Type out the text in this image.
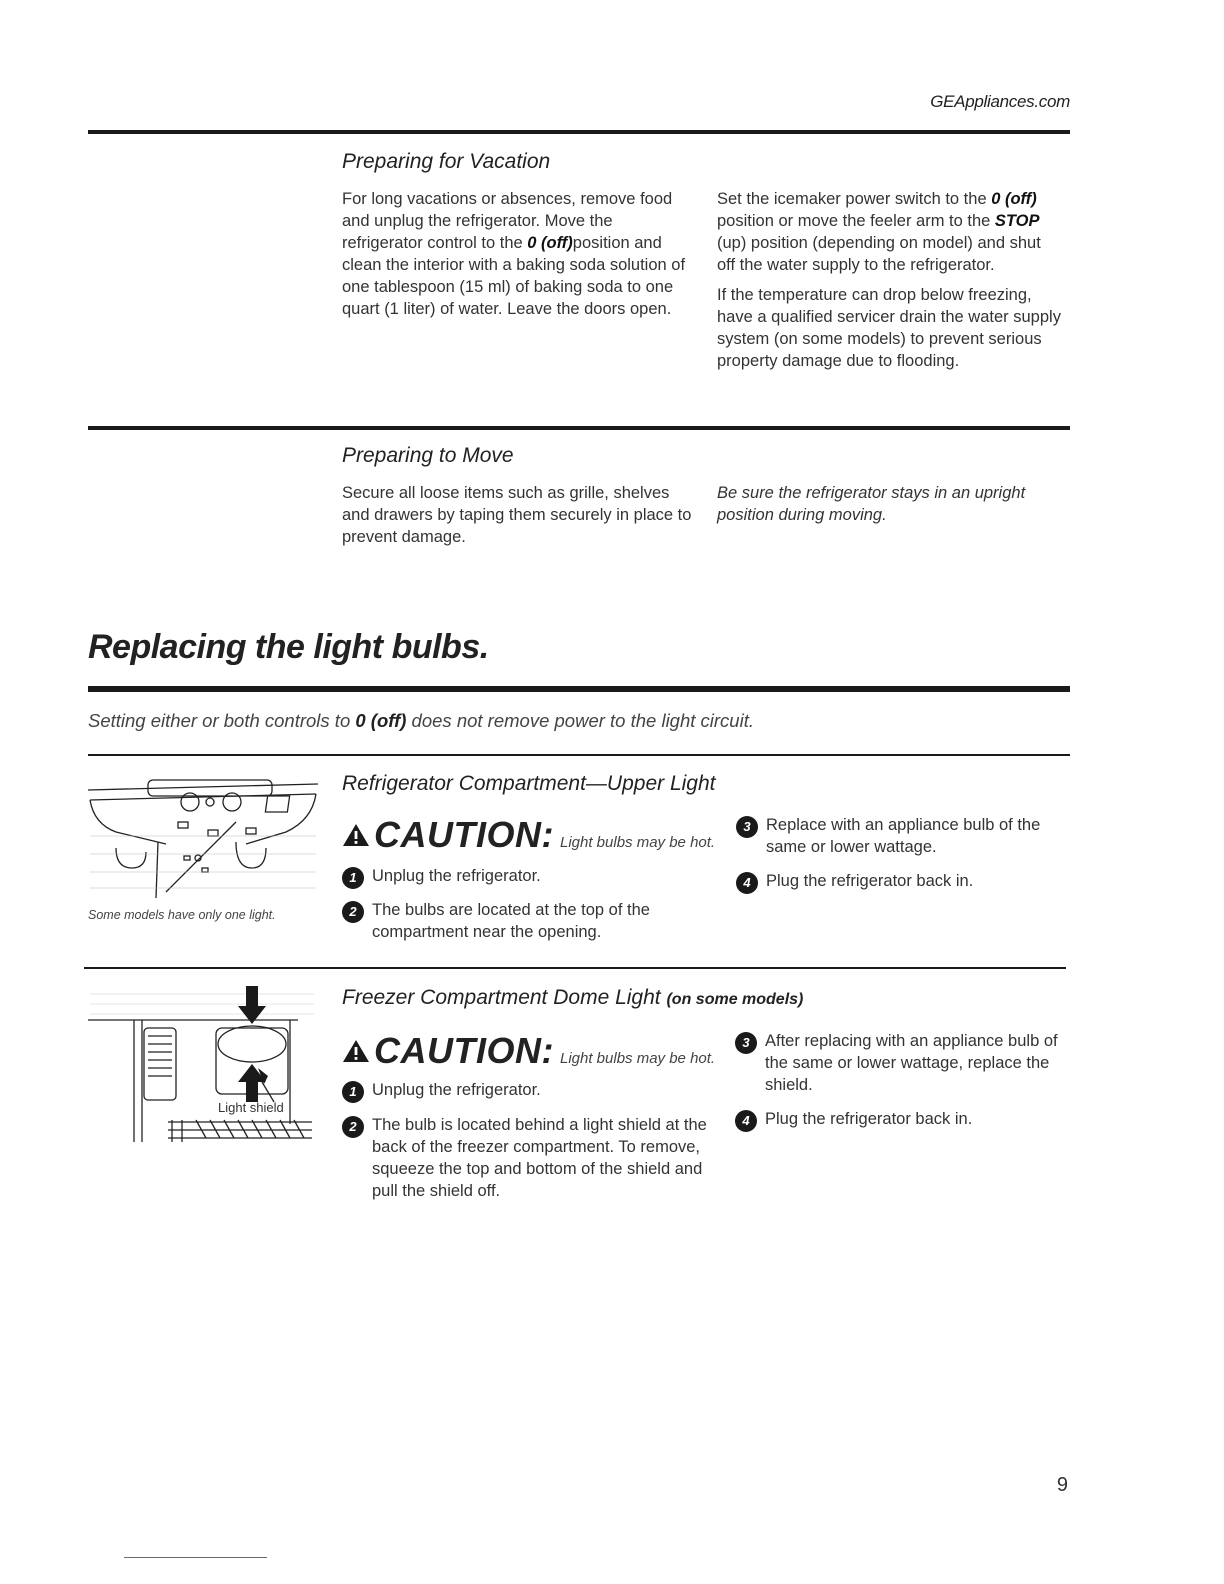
GEAppliances.com
Preparing for Vacation

For long vacations or absences, remove food and unplug the refrigerator. Move the refrigerator control to the 0 (off)position and clean the interior with a baking soda solution of one tablespoon (15 ml) of baking soda to one quart (1 liter) of water. Leave the doors open.

Set the icemaker power switch to the 0 (off) position or move the feeler arm to the STOP (up) position (depending on model) and shut off the water supply to the refrigerator.

If the temperature can drop below freezing, have a qualified servicer drain the water supply system (on some models) to prevent serious property damage due to flooding.

Preparing to Move

Secure all loose items such as grille, shelves and drawers by taping them securely in place to prevent damage.

Be sure the refrigerator stays in an upright position during moving.

Replacing the light bulbs.
Setting either or both controls to 0 (off) does not remove power to the light circuit.
Some models have only one light.
Refrigerator Compartment—Upper Light
CAUTION: Light bulbs may be hot.
1 Unplug the refrigerator.
2 The bulbs are located at the top of the compartment near the opening.
3 Replace with an appliance bulb of the same or lower wattage.
4 Plug the refrigerator back in.
Light shield
Freezer Compartment Dome Light (on some models)
CAUTION: Light bulbs may be hot.
1 Unplug the refrigerator.
2 The bulb is located behind a light shield at the back of the freezer compartment. To remove, squeeze the top and bottom of the shield and pull the shield off.
3 After replacing with an appliance bulb of the same or lower wattage, replace the shield.
4 Plug the refrigerator back in.
9
